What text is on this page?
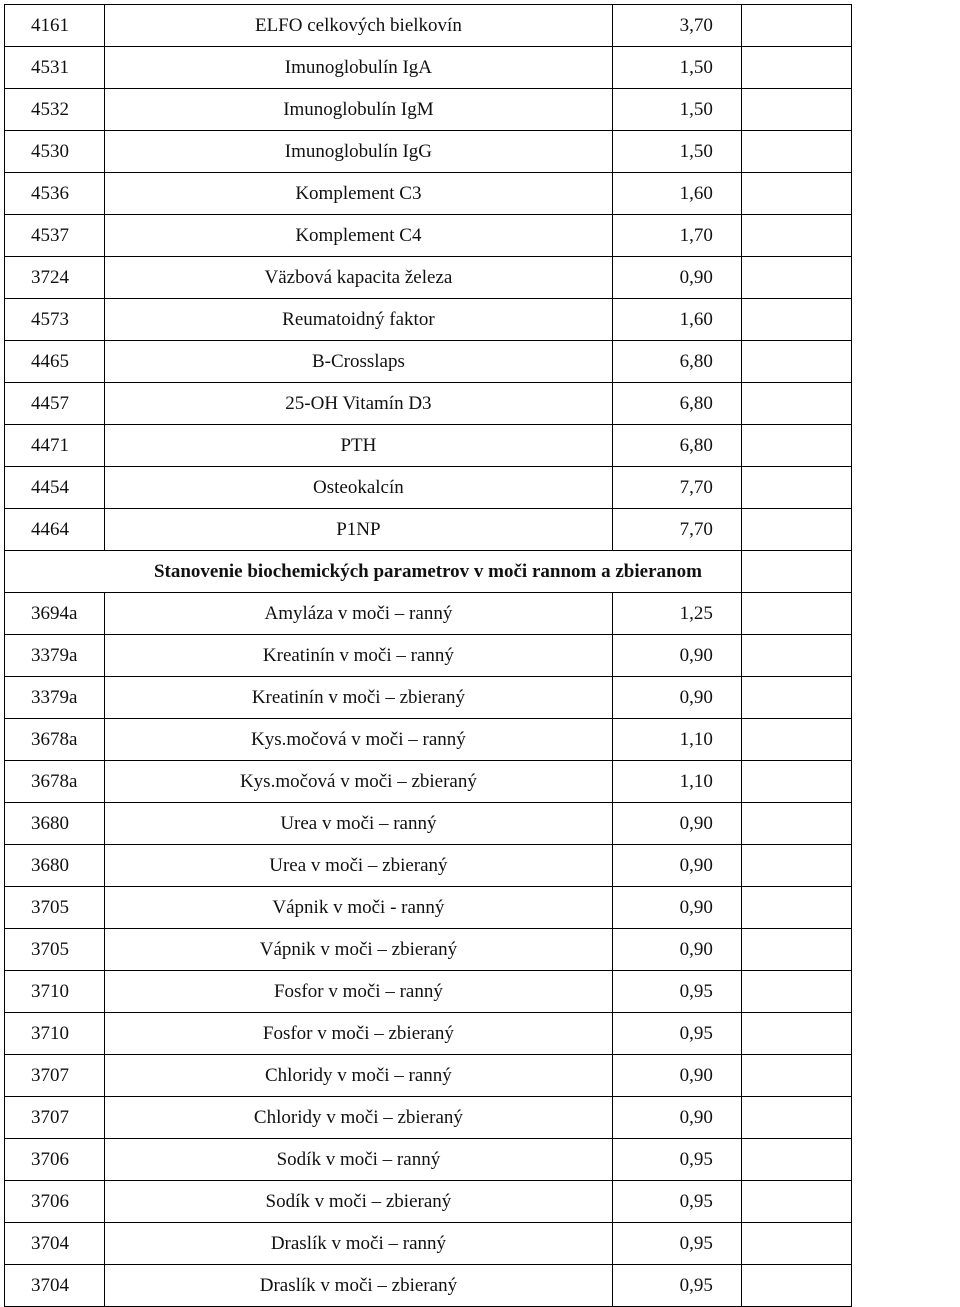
4161	ELFO celkových bielkovín	3,70	
4531	Imunoglobulín IgA	1,50	
4532	Imunoglobulín IgM	1,50	
4530	Imunoglobulín IgG	1,50	
4536	Komplement C3	1,60	
4537	Komplement C4	1,70	
3724	Väzbová kapacita železa	0,90	
4573	Reumatoidný faktor	1,60	
4465	B-Crosslaps	6,80	
4457	25-OH Vitamín D3	6,80	
4471	PTH	6,80	
4454	Osteokalcín	7,70	
4464	P1NP	7,70	
Stanovenie biochemických parametrov v moči rannom a zbieranom			
3694a	Amyláza v moči – ranný	1,25	
3379a	Kreatinín v moči – ranný	0,90	
3379a	Kreatinín v moči – zbieraný	0,90	
3678a	Kys.močová v moči – ranný	1,10	
3678a	Kys.močová v moči – zbieraný	1,10	
3680	Urea v moči – ranný	0,90	
3680	Urea v moči – zbieraný	0,90	
3705	Vápnik v moči - ranný	0,90	
3705	Vápnik v moči – zbieraný	0,90	
3710	Fosfor v moči – ranný	0,95	
3710	Fosfor v moči – zbieraný	0,95	
3707	Chloridy v moči – ranný	0,90	
3707	Chloridy v moči – zbieraný	0,90	
3706	Sodík v moči – ranný	0,95	
3706	Sodík v moči – zbieraný	0,95	
3704	Draslík v moči – ranný	0,95	
3704	Draslík v moči – zbieraný	0,95	
